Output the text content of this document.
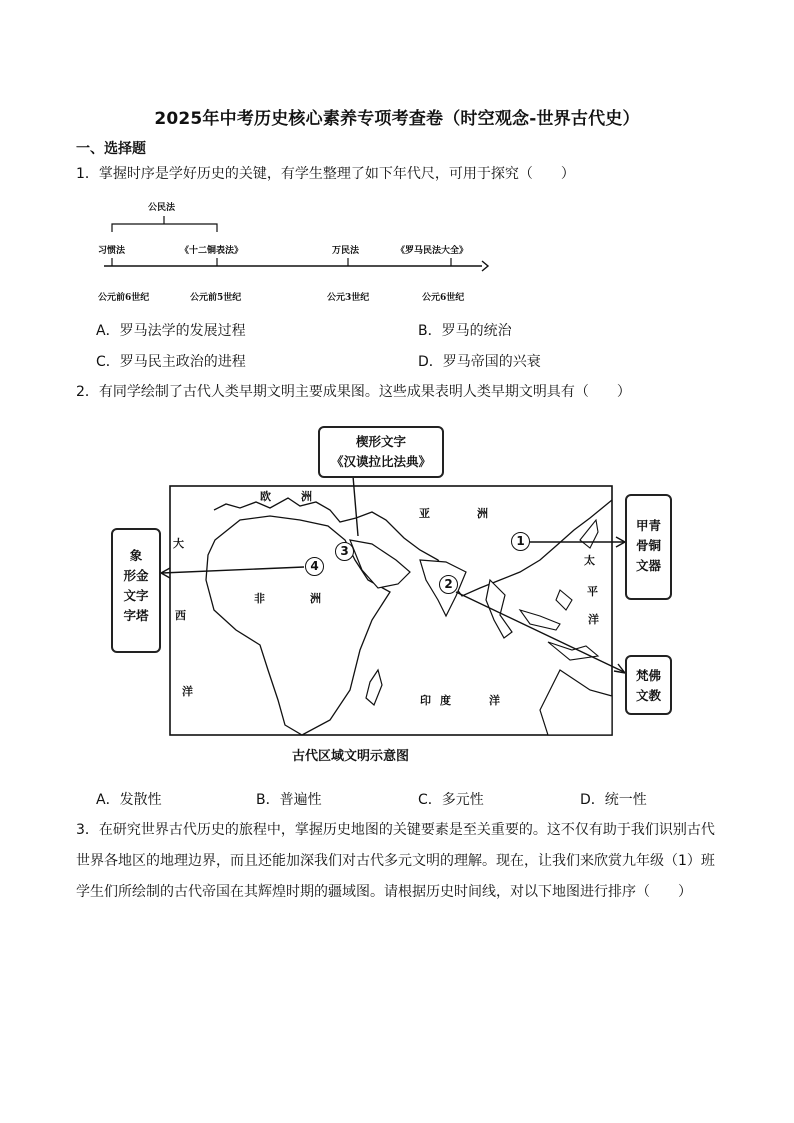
2025年中考历史核心素养专项考查卷（时空观念-世界古代史）
一、选择题
1．掌握时序是学好历史的关键，有学生整理了如下年代尺，可用于探究（　　）
公民法
习惯法	《十二铜表法》	万民法	《罗马民法大全》
公元前6世纪	公元前5世纪	公元3世纪	公元6世纪
A．罗马法学的发展过程	B．罗马的统治
C．罗马民主政治的进程	D．罗马帝国的兴衰
2．有同学绘制了古代人类早期文明主要成果图。这些成果表明人类早期文明具有（　　）
楔形文字
《汉谟拉比法典》
象
形金
文字
字塔
甲青
骨铜
文器
梵佛
文教
欧	洲
亚	洲
大
西
洋
非	洲
太
平
洋
印 度	洋
1
2
3
4
古代区域文明示意图
A．发散性	B．普遍性	C．多元性	D．统一性
3．在研究世界古代历史的旅程中，掌握历史地图的关键要素是至关重要的。这不仅有助于我们识别古代
世界各地区的地理边界，而且还能加深我们对古代多元文明的理解。现在，让我们来欣赏九年级（1）班
学生们所绘制的古代帝国在其辉煌时期的疆域图。请根据历史时间线，对以下地图进行排序（　　）
